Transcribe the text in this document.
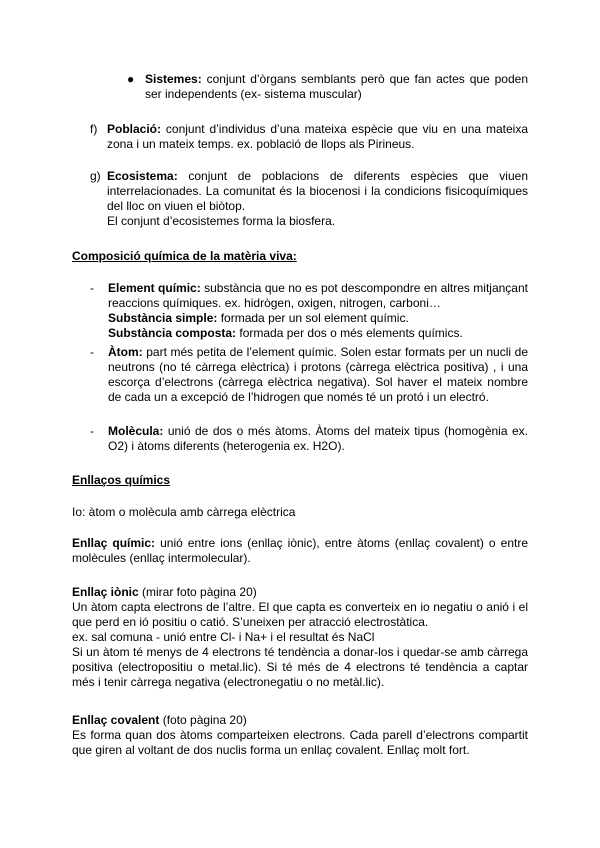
● Sistemes: conjunt d’òrgans semblants però que fan actes que poden ser independents (ex- sistema muscular)

f) Població: conjunt d’individus d’una mateixa espècie que viu en una mateixa zona i un mateix temps. ex. població de llops als Pirineus.

g) Ecosistema: conjunt de poblacions de diferents espècies que viuen interrelacionades. La comunitat és la biocenosi i la condicions fisicoquímiques del lloc on viuen el biòtop.

El conjunt d’ecosistemes forma la biosfera.

Composició química de la matèria viva:
- Element químic: substància que no es pot descompondre en altres mitjançant reaccions químiques. ex. hidrògen, oxigen, nitrogen, carboni…

Substància simple: formada per un sol element químic.

Substància composta: formada per dos o més elements químics.

- Àtom: part més petita de l’element químic. Solen estar formats per un nucli de neutrons (no té càrrega elèctrica) i protons (càrrega elèctrica positiva) , i una escorça d’electrons (càrrega elèctrica negativa). Sol haver el mateix nombre de cada un a excepció de l’hidrogen que només té un protó i un electró.

- Molècula: unió de dos o més àtoms. Àtoms del mateix tipus (homogènia ex. O2) i àtoms diferents (heterogenia ex. H2O).

Enllaços químics

Io: àtom o molècula amb càrrega elèctrica

Enllaç químic: unió entre ions (enllaç iònic), entre àtoms (enllaç covalent) o entre molècules (enllaç intermolecular).

Enllaç iònic (mirar foto pàgina 20)

Un àtom capta electrons de l’altre. El que capta es converteix en io negatiu o anió i el que perd en ió positiu o catió. S’uneixen per atracció electrostàtica.

ex. sal comuna - unió entre Cl- i Na+ i el resultat és NaCl

Si un àtom té menys de 4 electrons té tendència a donar-los i quedar-se amb càrrega positiva (electropositiu o metal.lic). Si té més de 4 electrons té tendència a captar més i tenir càrrega negativa (electronegatiu o no metàl.lic).

Enllaç covalent (foto pàgina 20)

Es forma quan dos àtoms comparteixen electrons. Cada parell d’electrons compartit que giren al voltant de dos nuclis forma un enllaç covalent. Enllaç molt fort.
